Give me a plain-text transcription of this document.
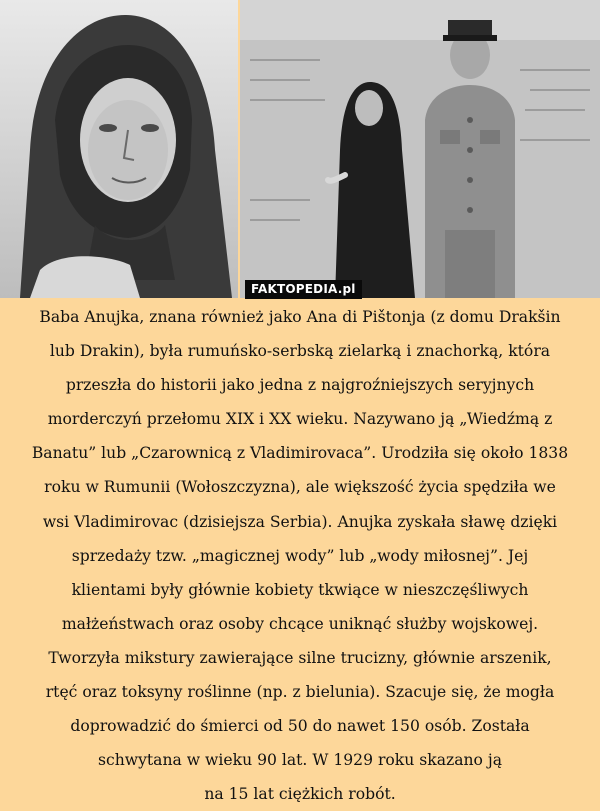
FAKTOPEDIA.pl
Baba Anujka, znana również jako Ana di Pištonja (z domu Drakšin
lub Drakin), była rumuńsko-serbską zielarką i znachorką, która
przeszła do historii jako jedna z najgroźniejszych seryjnych
morderczyń przełomu XIX i XX wieku. Nazywano ją „Wiedźmą z
Banatu” lub „Czarownicą z Vladimirovaca”. Urodziła się około 1838
roku w Rumunii (Wołoszczyzna), ale większość życia spędziła we
wsi Vladimirovac (dzisiejsza Serbia). Anujka zyskała sławę dzięki
sprzedaży tzw. „magicznej wody” lub „wody miłosnej”. Jej
klientami były głównie kobiety tkwiące w nieszczęśliwych
małżeństwach oraz osoby chcące uniknąć służby wojskowej.
Tworzyła mikstury zawierające silne trucizny, głównie arszenik,
rtęć oraz toksyny roślinne (np. z bielunia). Szacuje się, że mogła
doprowadzić do śmierci od 50 do nawet 150 osób. Została
schwytana w wieku 90 lat. W 1929 roku skazano ją
na 15 lat ciężkich robót.
